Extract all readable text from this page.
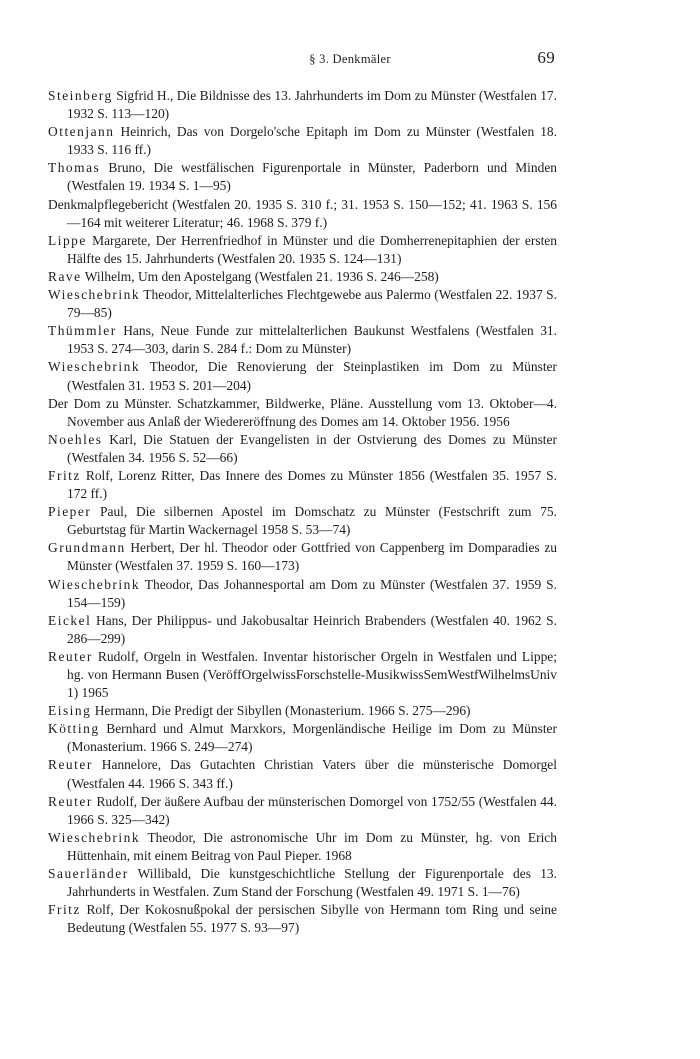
§ 3. Denkmäler	69

Steinberg Sigfrid H., Die Bildnisse des 13. Jahrhunderts im Dom zu Münster (Westfalen 17. 1932 S. 113—120)

Ottenjann Heinrich, Das von Dorgelo'sche Epitaph im Dom zu Münster (Westfalen 18. 1933 S. 116 ff.)

Thomas Bruno, Die westfälischen Figurenportale in Münster, Paderborn und Minden (Westfalen 19. 1934 S. 1—95)

Denkmalpflegebericht (Westfalen 20. 1935 S. 310 f.; 31. 1953 S. 150—152; 41. 1963 S. 156—164 mit weiterer Literatur; 46. 1968 S. 379 f.)

Lippe Margarete, Der Herrenfriedhof in Münster und die Domherrenepitaphien der ersten Hälfte des 15. Jahrhunderts (Westfalen 20. 1935 S. 124—131)

Rave Wilhelm, Um den Apostelgang (Westfalen 21. 1936 S. 246—258)

Wieschebrink Theodor, Mittelalterliches Flechtgewebe aus Palermo (Westfalen 22. 1937 S. 79—85)

Thümmler Hans, Neue Funde zur mittelalterlichen Baukunst Westfalens (Westfalen 31. 1953 S. 274—303, darin S. 284 f.: Dom zu Münster)

Wieschebrink Theodor, Die Renovierung der Steinplastiken im Dom zu Münster (Westfalen 31. 1953 S. 201—204)

Der Dom zu Münster. Schatzkammer, Bildwerke, Pläne. Ausstellung vom 13. Oktober—4. November aus Anlaß der Wiedereröffnung des Domes am 14. Oktober 1956. 1956

Noehles Karl, Die Statuen der Evangelisten in der Ostvierung des Domes zu Münster (Westfalen 34. 1956 S. 52—66)

Fritz Rolf, Lorenz Ritter, Das Innere des Domes zu Münster 1856 (Westfalen 35. 1957 S. 172 ff.)

Pieper Paul, Die silbernen Apostel im Domschatz zu Münster (Festschrift zum 75. Geburtstag für Martin Wackernagel 1958 S. 53—74)

Grundmann Herbert, Der hl. Theodor oder Gottfried von Cappenberg im Domparadies zu Münster (Westfalen 37. 1959 S. 160—173)

Wieschebrink Theodor, Das Johannesportal am Dom zu Münster (Westfalen 37. 1959 S. 154—159)

Eickel Hans, Der Philippus- und Jakobusaltar Heinrich Brabenders (Westfalen 40. 1962 S. 286—299)

Reuter Rudolf, Orgeln in Westfalen. Inventar historischer Orgeln in Westfalen und Lippe; hg. von Hermann Busen (VeröffOrgelwissForschstelle-MusikwissSemWestfWilhelmsUniv 1) 1965

Eising Hermann, Die Predigt der Sibyllen (Monasterium. 1966 S. 275—296)

Kötting Bernhard und Almut Marxkors, Morgenländische Heilige im Dom zu Münster (Monasterium. 1966 S. 249—274)

Reuter Hannelore, Das Gutachten Christian Vaters über die münsterische Domorgel (Westfalen 44. 1966 S. 343 ff.)

Reuter Rudolf, Der äußere Aufbau der münsterischen Domorgel von 1752/55 (Westfalen 44. 1966 S. 325—342)

Wieschebrink Theodor, Die astronomische Uhr im Dom zu Münster, hg. von Erich Hüttenhain, mit einem Beitrag von Paul Pieper. 1968

Sauerländer Willibald, Die kunstgeschichtliche Stellung der Figurenportale des 13. Jahrhunderts in Westfalen. Zum Stand der Forschung (Westfalen 49. 1971 S. 1—76)

Fritz Rolf, Der Kokosnußpokal der persischen Sibylle von Hermann tom Ring und seine Bedeutung (Westfalen 55. 1977 S. 93—97)
